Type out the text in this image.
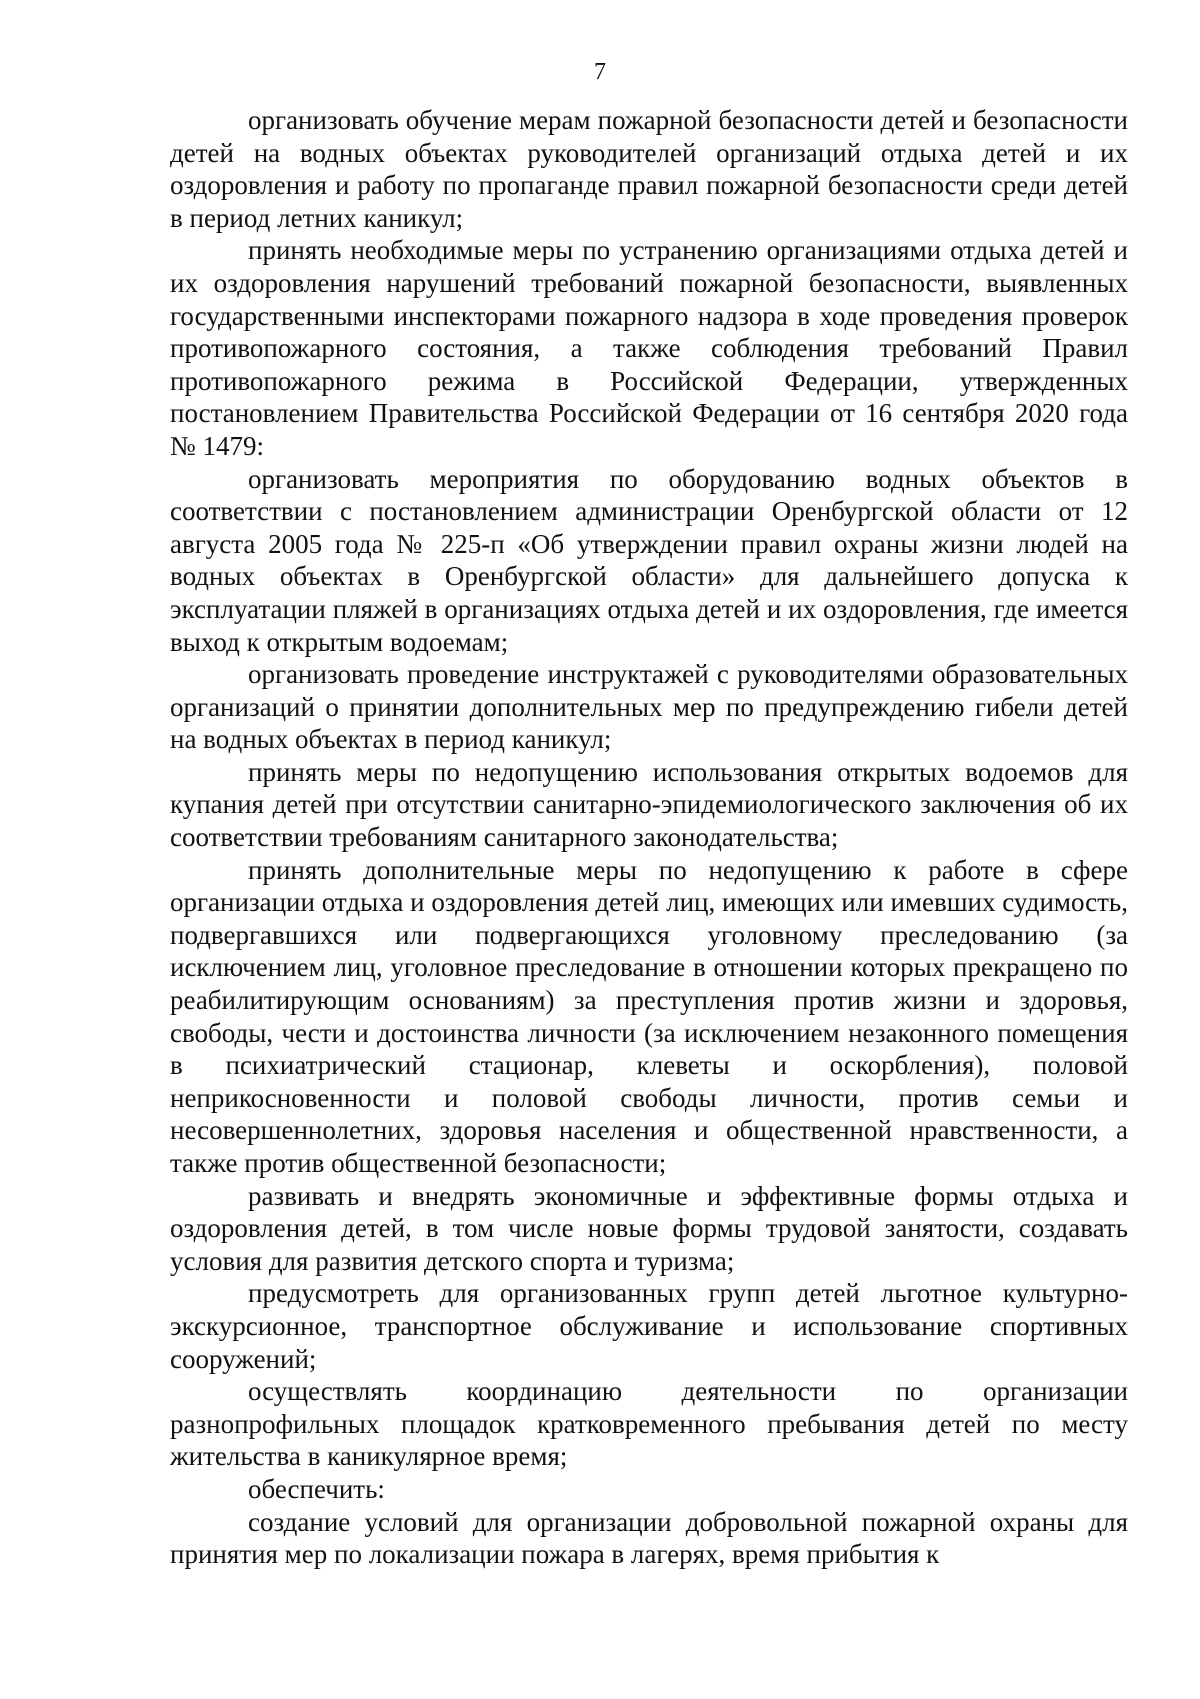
7

организовать обучение мерам пожарной безопасности детей и безопасности детей на водных объектах руководителей организаций отдыха детей и их оздоровления и работу по пропаганде правил пожарной безопасности среди детей в период летних каникул;

принять необходимые меры по устранению организациями отдыха детей и их оздоровления нарушений требований пожарной безопасности, выявленных государственными инспекторами пожарного надзора в ходе проведения проверок противопожарного состояния, а также соблюдения требований Правил противопожарного режима в Российской Федерации, утвержденных постановлением Правительства Российской Федерации от 16 сентября 2020 года № 1479:

организовать мероприятия по оборудованию водных объектов в соответствии с постановлением администрации Оренбургской области от 12 августа 2005 года № 225-п «Об утверждении правил охраны жизни людей на водных объектах в Оренбургской области» для дальнейшего допуска к эксплуатации пляжей в организациях отдыха детей и их оздоровления, где имеется выход к открытым водоемам;

организовать проведение инструктажей с руководителями образовательных организаций о принятии дополнительных мер по предупреждению гибели детей на водных объектах в период каникул;

принять меры по недопущению использования открытых водоемов для купания детей при отсутствии санитарно-эпидемиологического заключения об их соответствии требованиям санитарного законодательства;

принять дополнительные меры по недопущению к работе в сфере организации отдыха и оздоровления детей лиц, имеющих или имевших судимость, подвергавшихся или подвергающихся уголовному преследованию (за исключением лиц, уголовное преследование в отношении которых прекращено по реабилитирующим основаниям) за преступления против жизни и здоровья, свободы, чести и достоинства личности (за исключением незаконного помещения в психиатрический стационар, клеветы и оскорбления), половой неприкосновенности и половой свободы личности, против семьи и несовершеннолетних, здоровья населения и общественной нравственности, а также против общественной безопасности;

развивать и внедрять экономичные и эффективные формы отдыха и оздоровления детей, в том числе новые формы трудовой занятости, создавать условия для развития детского спорта и туризма;

предусмотреть для организованных групп детей льготное культурно-экскурсионное, транспортное обслуживание и использование спортивных сооружений;

осуществлять координацию деятельности по организации разнопрофильных площадок кратковременного пребывания детей по месту жительства в каникулярное время;

обеспечить:

создание условий для организации добровольной пожарной охраны для принятия мер по локализации пожара в лагерях, время прибытия к
